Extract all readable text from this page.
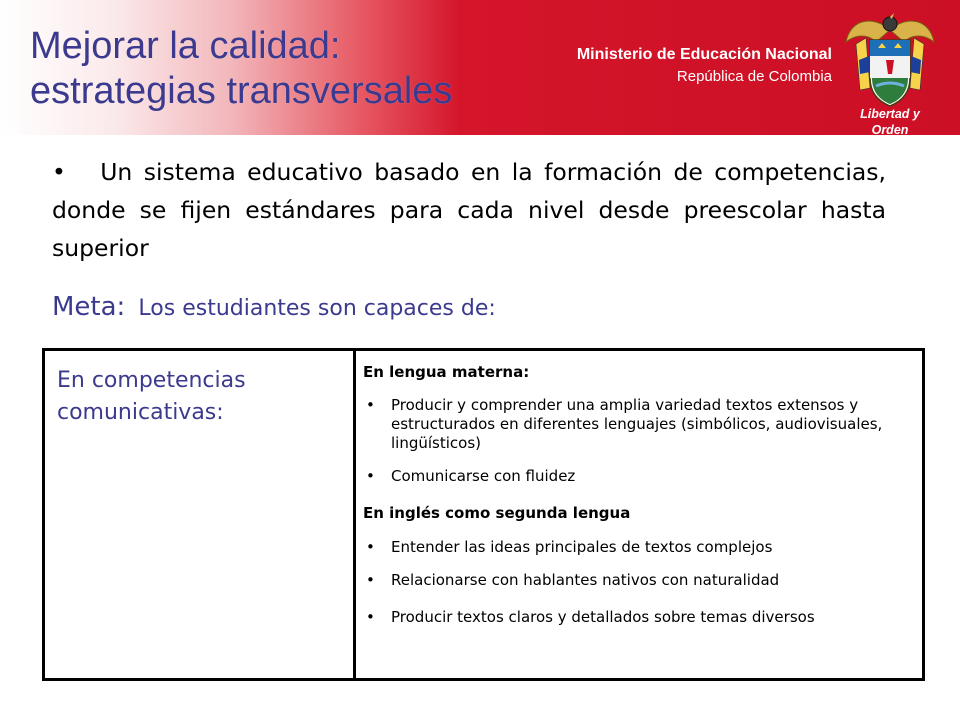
Mejorar la calidad:
estrategias transversales
Ministerio de Educación Nacional
República de Colombia
Libertad y Orden
• Un sistema educativo basado en la formación de competencias, donde se fijen estándares para cada nivel desde preescolar hasta superior
Meta: Los estudiantes son capaces de:
En competencias comunicativas:

En lengua materna:

• Producir y comprender una amplia variedad textos extensos y estructurados en diferentes lenguajes (simbólicos, audiovisuales, lingüísticos)
• Comunicarse con fluidez

En inglés como segunda lengua

• Entender las ideas principales de textos complejos
• Relacionarse con hablantes nativos con naturalidad
• Producir textos claros y detallados sobre temas diversos
